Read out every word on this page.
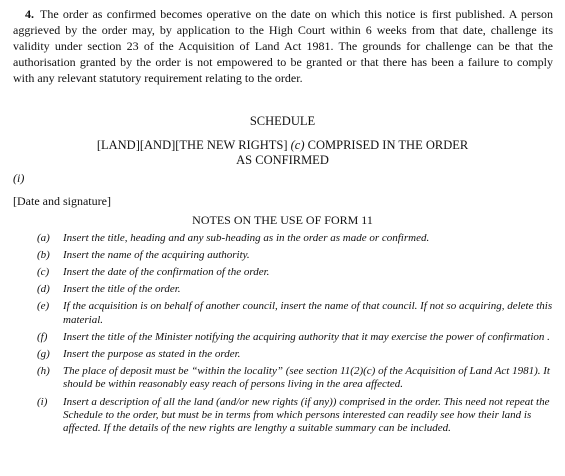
4. The order as confirmed becomes operative on the date on which this notice is first published. A person aggrieved by the order may, by application to the High Court within 6 weeks from that date, challenge its validity under section 23 of the Acquisition of Land Act 1981. The grounds for challenge can be that the authorisation granted by the order is not empowered to be granted or that there has been a failure to comply with any relevant statutory requirement relating to the order.
SCHEDULE
[LAND][AND][THE NEW RIGHTS] (c) COMPRISED IN THE ORDER
AS CONFIRMED
(i)
[Date and signature]
NOTES ON THE USE OF FORM 11
(a) Insert the title, heading and any sub-heading as in the order as made or confirmed.
(b) Insert the name of the acquiring authority.
(c) Insert the date of the confirmation of the order.
(d) Insert the title of the order.
(e) If the acquisition is on behalf of another council, insert the name of that council. If not so acquiring, delete this material.
(f) Insert the title of the Minister notifying the acquiring authority that it may exercise the power of confirmation .
(g) Insert the purpose as stated in the order.
(h) The place of deposit must be “within the locality” (see section 11(2)(c) of the Acquisition of Land Act 1981). It should be within reasonably easy reach of persons living in the area affected.
(i) Insert a description of all the land (and/or new rights (if any)) comprised in the order. This need not repeat the Schedule to the order, but must be in terms from which persons interested can readily see how their land is affected. If the details of the new rights are lengthy a suitable summary can be included.
